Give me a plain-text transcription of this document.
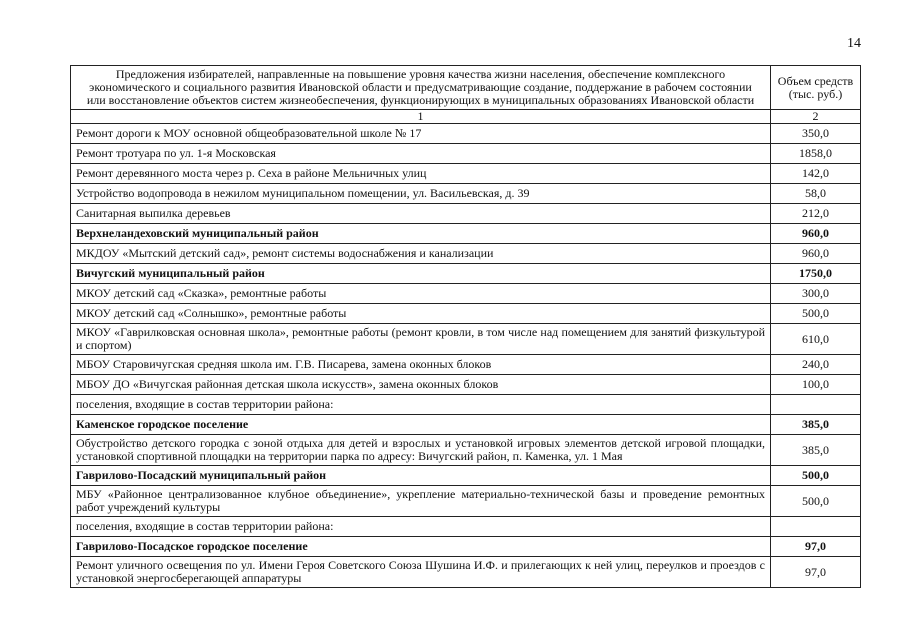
14
Предложения избирателей, направленные на повышение уровня качества жизни населения, обеспечение комплексного экономического и социального развития Ивановской области и предусматривающие создание, поддержание в рабочем состоянии или восстановление объектов систем жизнеобеспечения, функционирующих в муниципальных образованиях Ивановской области	Объем средств (тыс. руб.)
1	2
Ремонт дороги к МОУ основной общеобразовательной школе № 17	350,0
Ремонт тротуара по ул. 1-я Московская	1858,0
Ремонт деревянного моста через р. Сеха в районе Мельничных улиц	142,0
Устройство водопровода в нежилом муниципальном помещении, ул. Васильевская, д. 39	58,0
Санитарная выпилка деревьев	212,0
Верхнеландеховский муниципальный район	960,0
МКДОУ «Мытский детский сад», ремонт системы водоснабжения и канализации	960,0
Вичугский муниципальный район	1750,0
МКОУ детский сад «Сказка», ремонтные работы	300,0
МКОУ детский сад «Солнышко», ремонтные работы	500,0
МКОУ «Гаврилковская основная школа», ремонтные работы (ремонт кровли, в том числе над помещением для занятий физкультурой и спортом)	610,0
МБОУ Старовичугская средняя школа им. Г.В. Писарева, замена оконных блоков	240,0
МБОУ ДО «Вичугская районная детская школа искусств», замена оконных блоков	100,0
поселения, входящие в состав территории района:	
Каменское городское поселение	385,0
Обустройство детского городка с зоной отдыха для детей и взрослых и установкой игровых элементов детской игровой площадки, установкой спортивной площадки на территории парка по адресу: Вичугский район, п. Каменка, ул. 1 Мая	385,0
Гаврилово-Посадский муниципальный район	500,0
МБУ «Районное централизованное клубное объединение», укрепление материально-технической базы и проведение ремонтных работ учреждений культуры	500,0
поселения, входящие в состав территории района:	
Гаврилово-Посадское городское поселение	97,0
Ремонт уличного освещения по ул. Имени Героя Советского Союза Шушина И.Ф. и прилегающих к ней улиц, переулков и проездов с установкой энергосберегающей аппаратуры	97,0
